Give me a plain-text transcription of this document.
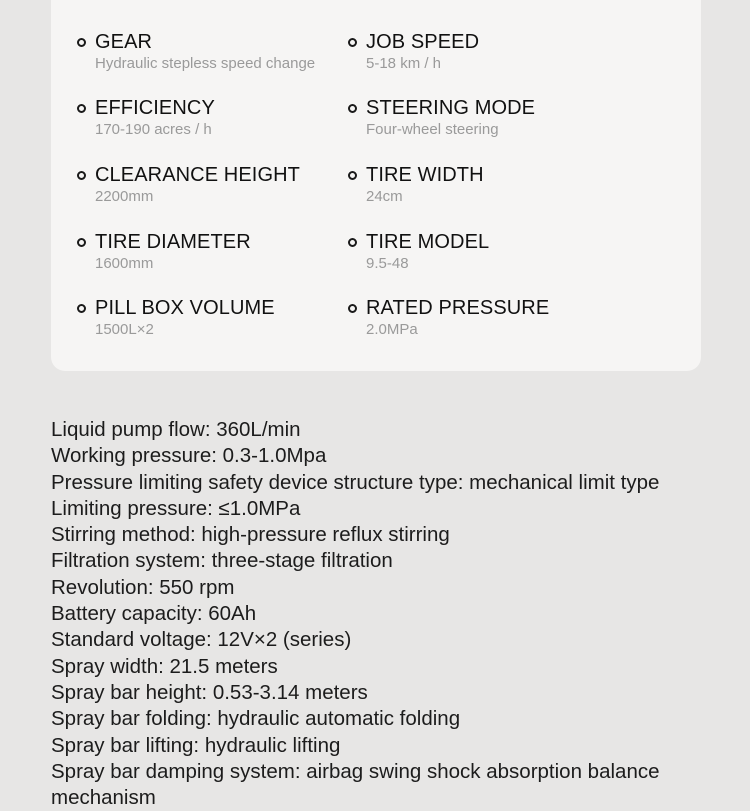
GEAR
Hydraulic stepless speed change
EFFICIENCY
170-190 acres / h
CLEARANCE HEIGHT
2200mm
TIRE DIAMETER
1600mm
PILL BOX VOLUME
1500L×2
JOB SPEED
5-18 km / h
STEERING MODE
Four-wheel steering
TIRE WIDTH
24cm
TIRE MODEL
9.5-48
RATED PRESSURE
2.0MPa
Liquid pump flow: 360L/min
Working pressure: 0.3-1.0Mpa
Pressure limiting safety device structure type: mechanical limit type
Limiting pressure: ≤1.0MPa
Stirring method: high-pressure reflux stirring
Filtration system: three-stage filtration
Revolution: 550 rpm
Battery capacity: 60Ah
Standard voltage: 12V×2 (series)
Spray width: 21.5 meters
Spray bar height: 0.53-3.14 meters
Spray bar folding: hydraulic automatic folding
Spray bar lifting: hydraulic lifting
Spray bar damping system: airbag swing shock absorption balance mechanism
